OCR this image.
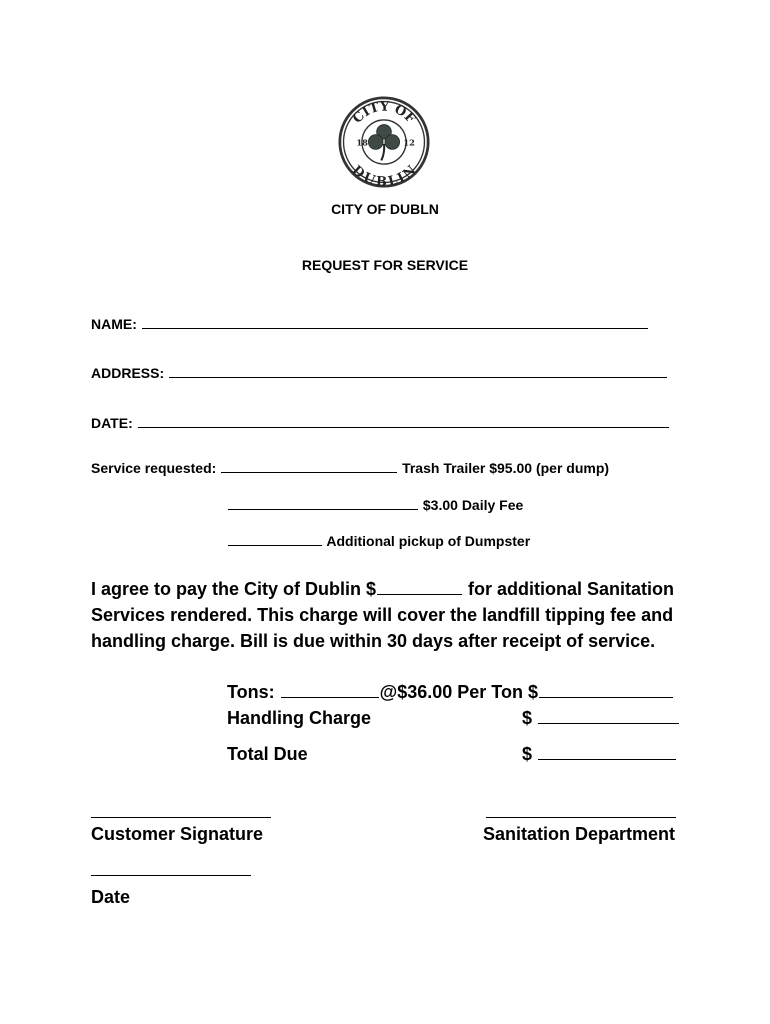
CITY OF
DUBLIN
18	12
CITY OF DUBLN
REQUEST FOR SERVICE
NAME:
ADDRESS:
DATE:
Service requested:	Trash Trailer $95.00 (per dump)
$3.00 Daily Fee
Additional pickup of Dumpster
I agree to pay the City of Dublin $	for additional Sanitation Services rendered. This charge will cover the landfill tipping fee and handling charge. Bill is due within 30 days after receipt of service.
Tons:	@$36.00 Per Ton $
Handling Charge	$
Total Due	$
Customer Signature	Sanitation Department
Date
